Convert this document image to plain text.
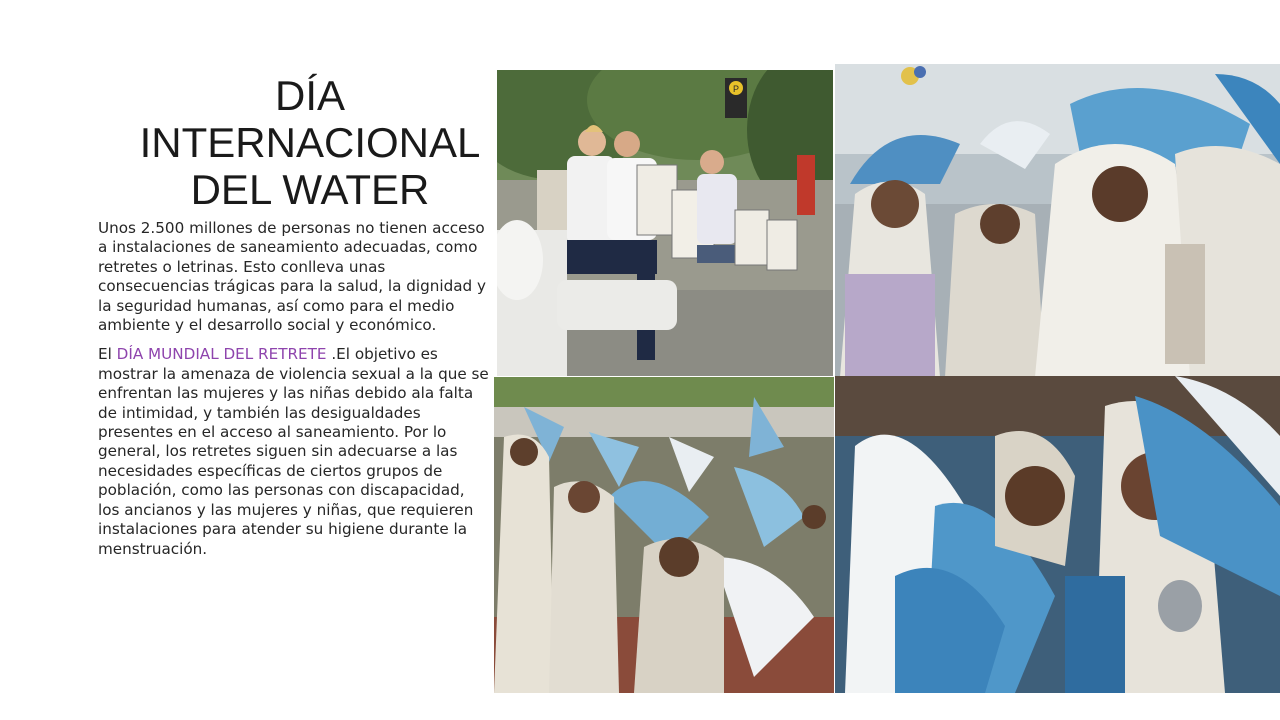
DÍA
INTERNACIONAL
DEL WATER

Unos 2.500 millones de personas no tienen acceso a instalaciones de saneamiento adecuadas, como retretes o letrinas. Esto conlleva unas consecuencias trágicas para la salud, la dignidad y la seguridad humanas, así como para el medio ambiente y el desarrollo social y económico.

El DÍA MUNDIAL DEL RETRETE .El objetivo es mostrar la amenaza de violencia sexual a la que se enfrentan las mujeres y las niñas debido ala falta de intimidad, y también las desigualdades presentes en el acceso al saneamiento. Por lo general, los retretes siguen sin adecuarse a las necesidades específicas de ciertos grupos de población, como las personas con discapacidad, los ancianos y las mujeres y niñas, que requieren instalaciones para atender su higiene durante la menstruación.

P
